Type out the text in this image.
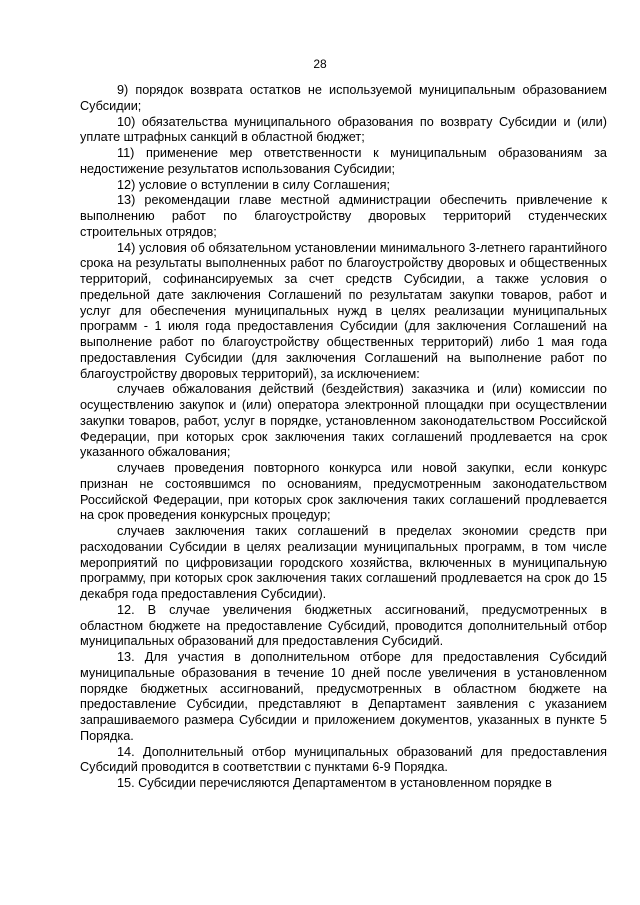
28

9) порядок возврата остатков не используемой муниципальным образованием Субсидии;

10) обязательства муниципального образования по возврату Субсидии и (или) уплате штрафных санкций в областной бюджет;

11) применение мер ответственности к муниципальным образованиям за недостижение результатов использования Субсидии;

12) условие о вступлении в силу Соглашения;

13) рекомендации главе местной администрации обеспечить привлечение к выполнению работ по благоустройству дворовых территорий студенческих строительных отрядов;

14) условия об обязательном установлении минимального 3-летнего гарантийного срока на результаты выполненных работ по благоустройству дворовых и общественных территорий, софинансируемых за счет средств Субсидии, а также условия о предельной дате заключения Соглашений по результатам закупки товаров, работ и услуг для обеспечения муниципальных нужд в целях реализации муниципальных программ - 1 июля года предоставления Субсидии (для заключения Соглашений на выполнение работ по благоустройству общественных территорий) либо 1 мая года предоставления Субсидии (для заключения Соглашений на выполнение работ по благоустройству дворовых территорий), за исключением:

случаев обжалования действий (бездействия) заказчика и (или) комиссии по осуществлению закупок и (или) оператора электронной площадки при осуществлении закупки товаров, работ, услуг в порядке, установленном законодательством Российской Федерации, при которых срок заключения таких соглашений продлевается на срок указанного обжалования;

случаев проведения повторного конкурса или новой закупки, если конкурс признан не состоявшимся по основаниям, предусмотренным законодательством Российской Федерации, при которых срок заключения таких соглашений продлевается на срок проведения конкурсных процедур;

случаев заключения таких соглашений в пределах экономии средств при расходовании Субсидии в целях реализации муниципальных программ, в том числе мероприятий по цифровизации городского хозяйства, включенных в муниципальную программу, при которых срок заключения таких соглашений продлевается на срок до 15 декабря года предоставления Субсидии).

12. В случае увеличения бюджетных ассигнований, предусмотренных в областном бюджете на предоставление Субсидий, проводится дополнительный отбор муниципальных образований для предоставления Субсидий.

13. Для участия в дополнительном отборе для предоставления Субсидий муниципальные образования в течение 10 дней после увеличения в установленном порядке бюджетных ассигнований, предусмотренных в областном бюджете на предоставление Субсидии, представляют в Департамент заявления с указанием запрашиваемого размера Субсидии и приложением документов, указанных в пункте 5 Порядка.

14. Дополнительный отбор муниципальных образований для предоставления Субсидий проводится в соответствии с пунктами 6-9 Порядка.

15. Субсидии перечисляются Департаментом в установленном порядке в
